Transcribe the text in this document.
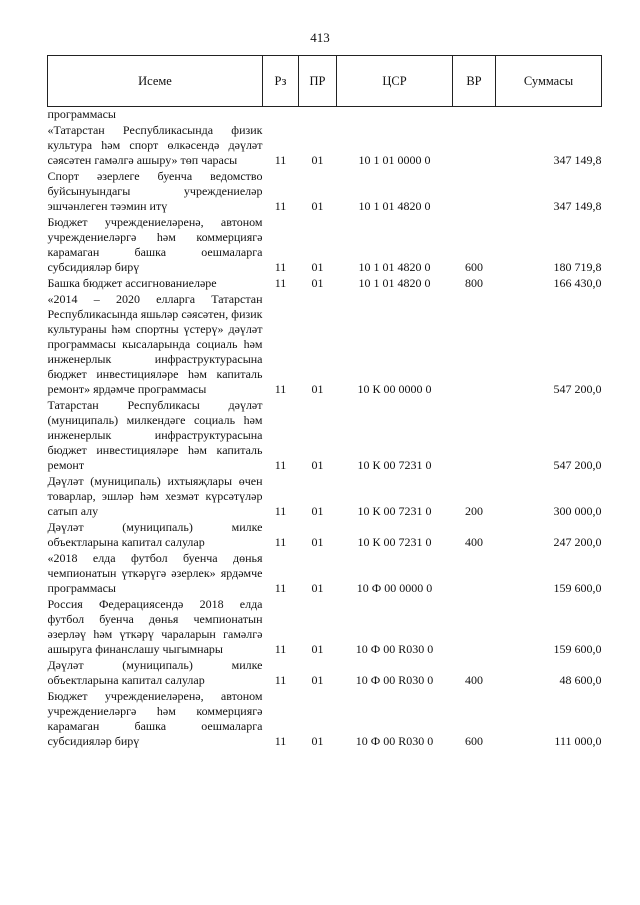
413
Исеме	Рз	ПР	ЦСР	ВР	Суммасы
программасы					
«Татарстан Республикасында физик культура һәм спорт өлкәсендә дәүләт сәясәтен гамәлгә ашыру» төп чарасы	11	01	10 1 01 0000 0		347 149,8
Спорт әзерлеге буенча ведомство буйсынуындагы учреждениеләр эшчәнлеген тәэмин итү	11	01	10 1 01 4820 0		347 149,8
Бюджет учреждениеләренә, автоном учреждениеләргә һәм коммерциягә карамаган башка оешмаларга субсидияләр бирү	11	01	10 1 01 4820 0	600	180 719,8
Башка бюджет ассигнованиеләре	11	01	10 1 01 4820 0	800	166 430,0
«2014 – 2020 елларга Татарстан Республикасында яшьләр сәясәтен, физик культураны һәм спортны үстерү» дәүләт программасы кысаларында социаль һәм инженерлык инфраструктурасына бюджет инвестицияләре һәм капиталь ремонт» ярдәмче программасы	11	01	10 К 00 0000 0		547 200,0
Татарстан Республикасы дәүләт (муниципаль) милкендәге социаль һәм инженерлык инфраструктурасына бюджет инвестицияләре һәм капиталь ремонт	11	01	10 К 00 7231 0		547 200,0
Дәүләт (муниципаль) ихтыяҗлары өчен товарлар, эшләр һәм хезмәт күрсәтүләр сатып алу	11	01	10 К 00 7231 0	200	300 000,0
Дәүләт (муниципаль) милке объектларына капитал салулар	11	01	10 К 00 7231 0	400	247 200,0
«2018 елда футбол буенча дөнья чемпионатын үткәрүгә әзерлек» ярдәмче программасы	11	01	10 Ф 00 0000 0		159 600,0
Россия Федерациясендә 2018 елда футбол буенча дөнья чемпионатын әзерләү һәм үткәрү чараларын гамәлгә ашыруга финанслашу чыгымнары	11	01	10 Ф 00 R030 0		159 600,0
Дәүләт (муниципаль) милке объектларына капитал салулар	11	01	10 Ф 00 R030 0	400	48 600,0
Бюджет учреждениеләренә, автоном учреждениеләргә һәм коммерциягә карамаган башка оешмаларга субсидияләр бирү	11	01	10 Ф 00 R030 0	600	111 000,0
